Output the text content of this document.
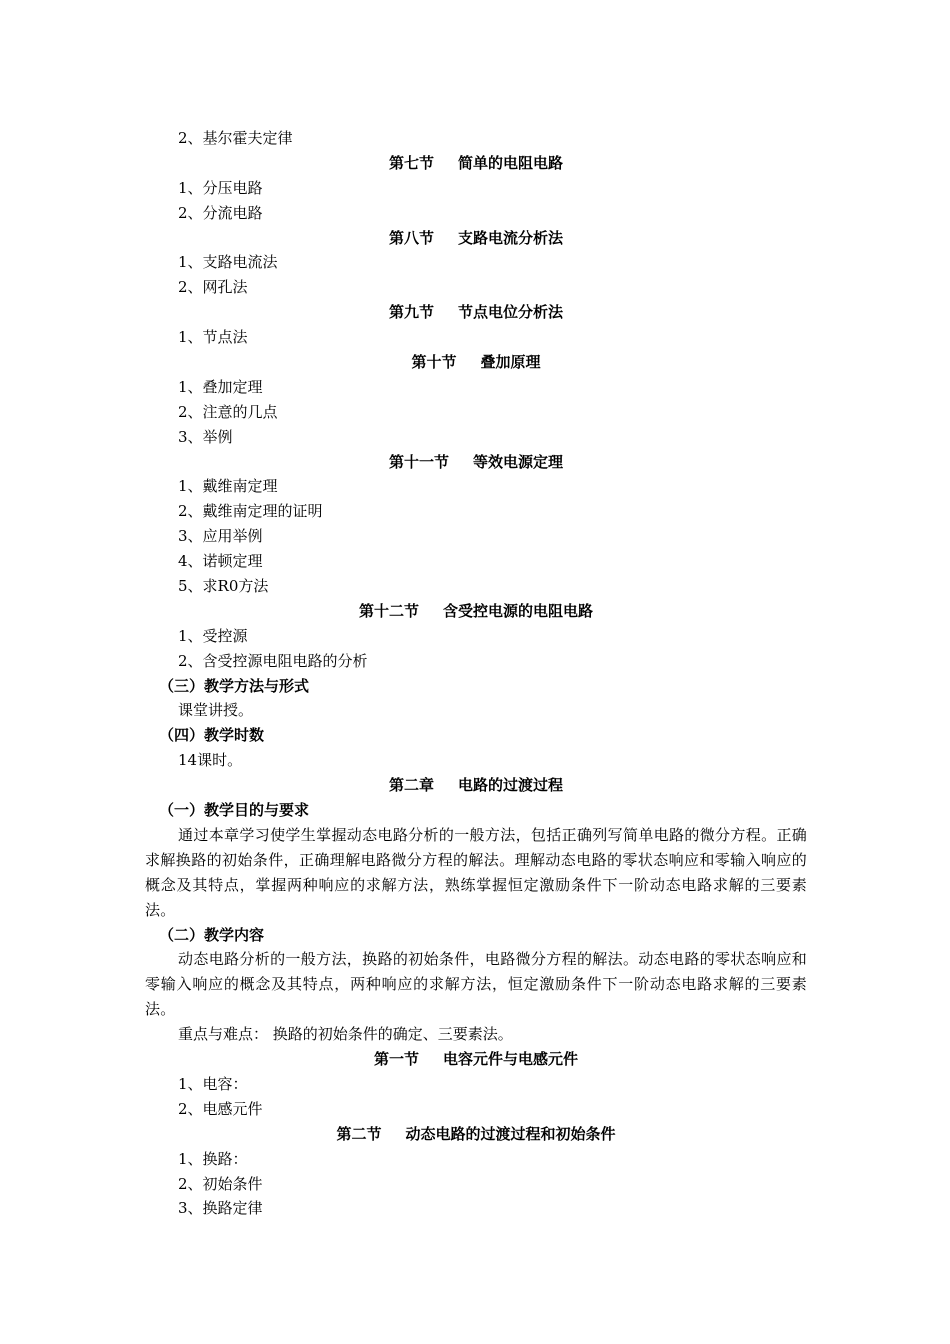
2、基尔霍夫定律
第七节 简单的电阻电路
1、分压电路
2、分流电路
第八节 支路电流分析法
1、支路电流法
2、网孔法
第九节 节点电位分析法
1、节点法
第十节 叠加原理
1、叠加定理
2、注意的几点
3、举例
第十一节 等效电源定理
1、戴维南定理
2、戴维南定理的证明
3、应用举例
4、诺顿定理
5、求R0方法
第十二节 含受控电源的电阻电路
1、受控源
2、含受控源电阻电路的分析
（三）教学方法与形式
课堂讲授。
（四）教学时数
14课时。
第二章 电路的过渡过程
（一）教学目的与要求
通过本章学习使学生掌握动态电路分析的一般方法，包括正确列写简单电路的微分方程。正确求解换路的初始条件，正确理解电路微分方程的解法。理解动态电路的零状态响应和零输入响应的概念及其特点，掌握两种响应的求解方法，熟练掌握恒定激励条件下一阶动态电路求解的三要素法。
（二）教学内容
动态电路分析的一般方法，换路的初始条件，电路微分方程的解法。动态电路的零状态响应和零输入响应的概念及其特点，两种响应的求解方法，恒定激励条件下一阶动态电路求解的三要素法。
重点与难点： 换路的初始条件的确定、三要素法。
第一节 电容元件与电感元件
1、电容：
2、电感元件
第二节 动态电路的过渡过程和初始条件
1、换路：
2、初始条件
3、换路定律
